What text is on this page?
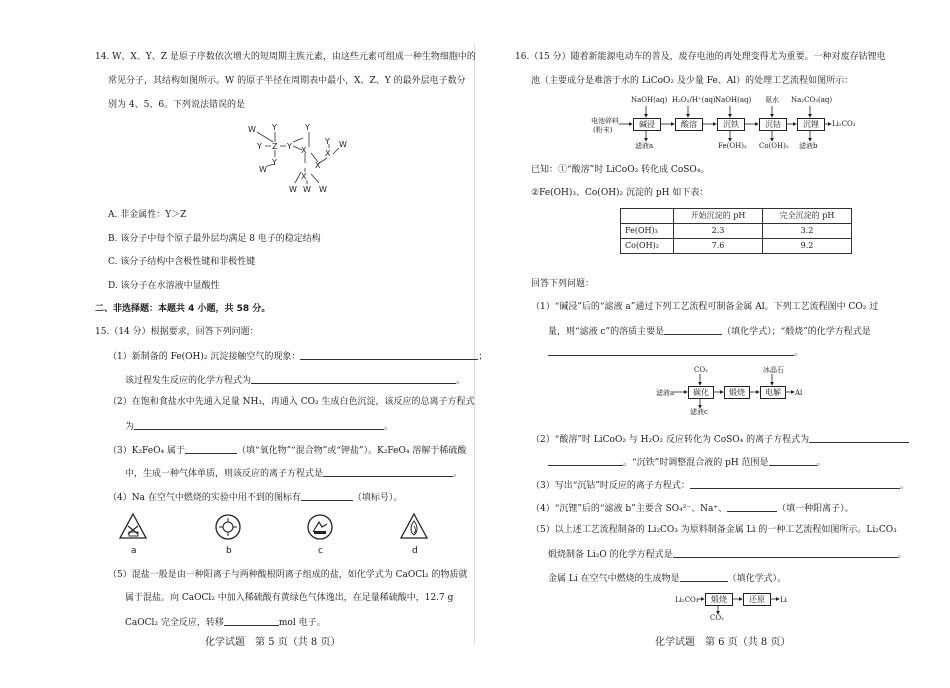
14. W、X、Y、Z 是原子序数依次增大的短周期主族元素，由这些元素可组成一种生物细胞中的
常见分子，其结构如图所示。W 的原子半径在周期表中最小，X、Z、Y 的最外层电子数分
别为 4、5、6。下列说法错误的是
W Y
Y Z Y
Y
W
Y
X
X
Y
X
W
X
W W W
A. 非金属性：Y＞Z
B. 该分子中每个原子最外层均满足 8 电子的稳定结构
C. 该分子结构中含极性键和非极性键
D. 该分子在水溶液中显酸性
二、非选择题：本题共 4 小题，共 58 分。
15.（14 分）根据要求，回答下列问题：
（1）新制备的 Fe(OH)₂ 沉淀接触空气的现象：	；
该过程发生反应的化学方程式为	。
（2）在饱和食盐水中先通入足量 NH₃，再通入 CO₂ 生成白色沉淀，该反应的总离子方程式
为	。
（3）K₂FeO₄ 属于	（填“氧化物”“混合物”或“钾盐”）。K₂FeO₄ 溶解于稀硫酸
中，生成一种气体单质，则该反应的离子方程式是	。
（4）Na 在空气中燃烧的实验中用不到的图标有	（填标号）。
a	b	c	d
（5）混盐一般是由一种阳离子与两种酸根阴离子组成的盐，如化学式为 CaOCl₂ 的物质就
属于混盐。向 CaOCl₂ 中加入稀硫酸有黄绿色气体逸出，在足量稀硫酸中，12.7 g
CaOCl₂ 完全反应，转移	mol 电子。
化学试题　第 5 页（共 8 页）
16.（15 分）随着新能源电动车的普及，废存电池的再处理变得尤为重要。一种对废存钴锂电
池（主要成分是难溶于水的 LiCoO₂ 及少量 Fe、Al）的处理工艺流程如图所示：
NaOH(aq) H₂O₂/H⁺(aq) NaOH(aq) 氨水 Na₂CO₃(aq)
电池碎料
(粉末)
碱浸	酸溶	沉铁	沉钴	沉锂	Li₂CO₃
滤液a	Fe(OH)₃ Co(OH)₂ 滤液b
已知：①“酸溶”时 LiCoO₂ 转化成 CoSO₄。
②Fe(OH)₃、Co(OH)₂ 沉淀的 pH 如下表：
	开始沉淀的 pH	完全沉淀的 pH
Fe(OH)₃	2.3	3.2
Co(OH)₂	7.6	9.2
回答下列问题：
（1）“碱浸”后的“滤液 a”通过下列工艺流程可制备金属 Al。下列工艺流程图中 CO₂ 过
量，则“滤液 c”的溶质主要是	（填化学式）；“煅烧”的化学方程式是
。
CO₂	冰晶石
滤液a	碳化	煅烧	电解	Al
滤液c
（2）“酸溶”时 LiCoO₂ 与 H₂O₂ 反应转化为 CoSO₄ 的离子方程式为
。“沉铁”时调整混合液的 pH 范围是	。
（3）写出“沉钴”时反应的离子方程式：	。
（4）“沉锂”后的“滤液 b”主要含 SO₄²⁻、Na⁺、	（填一种阳离子）。
（5）以上述工艺流程制备的 Li₂CO₃ 为原料制备金属 Li 的一种工艺流程如图所示。Li₂CO₃
煅烧制备 Li₂O 的化学方程式是	。
金属 Li 在空气中燃烧的生成物是	（填化学式）。
Li₂CO₃	煅烧	还原	Li
CO₂
化学试题　第 6 页（共 8 页）
